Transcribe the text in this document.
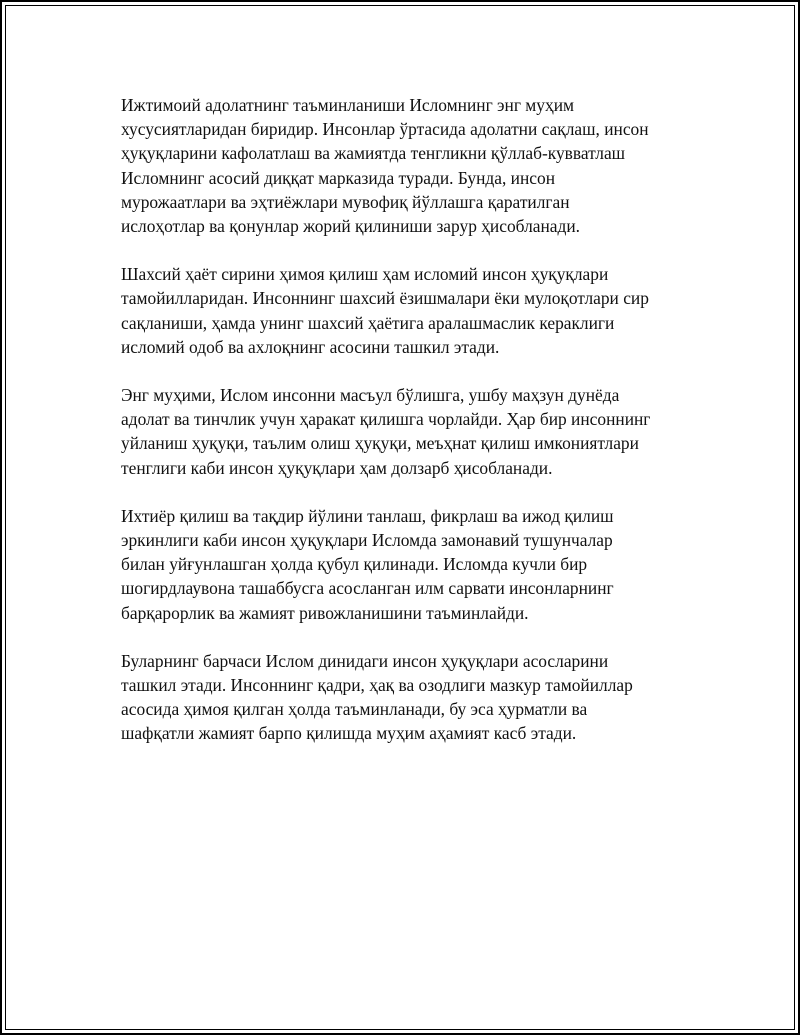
Ижтимоий адолатнинг таъминланиши Исломнинг энг муҳим
хусусиятларидан биридир. Инсонлар ўртасида адолатни сақлаш, инсон
ҳуқуқларини кафолатлаш ва жамиятда тенгликни қўллаб-кувватлаш
Исломнинг асосий диққат марказида туради. Бунда, инсон
мурожаатлари ва эҳтиёжлари мувофиқ йўллашга қаратилган
ислоҳотлар ва қонунлар жорий қилиниши зарур ҳисобланади.

Шахсий ҳаёт сирини ҳимоя қилиш ҳам исломий инсон ҳуқуқлари
тамойилларидан. Инсоннинг шахсий ёзишмалари ёки мулоқотлари сир
сақланиши, ҳамда унинг шахсий ҳаётига аралашмаслик кераклиги
исломий одоб ва ахлоқнинг асосини ташкил этади.

Энг муҳими, Ислом инсонни масъул бўлишга, ушбу маҳзун дунёда
адолат ва тинчлик учун ҳаракат қилишга чорлайди. Ҳар бир инсоннинг
уйланиш ҳуқуқи, таълим олиш ҳуқуқи, меъҳнат қилиш имкониятлари
тенглиги каби инсон ҳуқуқлари ҳам долзарб ҳисобланади.

Ихтиёр қилиш ва тақдир йўлини танлаш, фикрлаш ва ижод қилиш
эркинлиги каби инсон ҳуқуқлари Исломда замонавий тушунчалар
билан уйғунлашган ҳолда қубул қилинади. Исломда кучли бир
шогирдлаувона ташаббусга асосланган илм сарвати инсонларнинг
барқарорлик ва жамият ривожланишини таъминлайди.

Буларнинг барчаси Ислом динидаги инсон ҳуқуқлари асосларини
ташкил этади. Инсоннинг қадри, ҳақ ва озодлиги мазкур тамойиллар
асосида ҳимоя қилган ҳолда таъминланади, бу эса ҳурматли ва
шафқатли жамият барпо қилишда муҳим аҳамият касб этади.
